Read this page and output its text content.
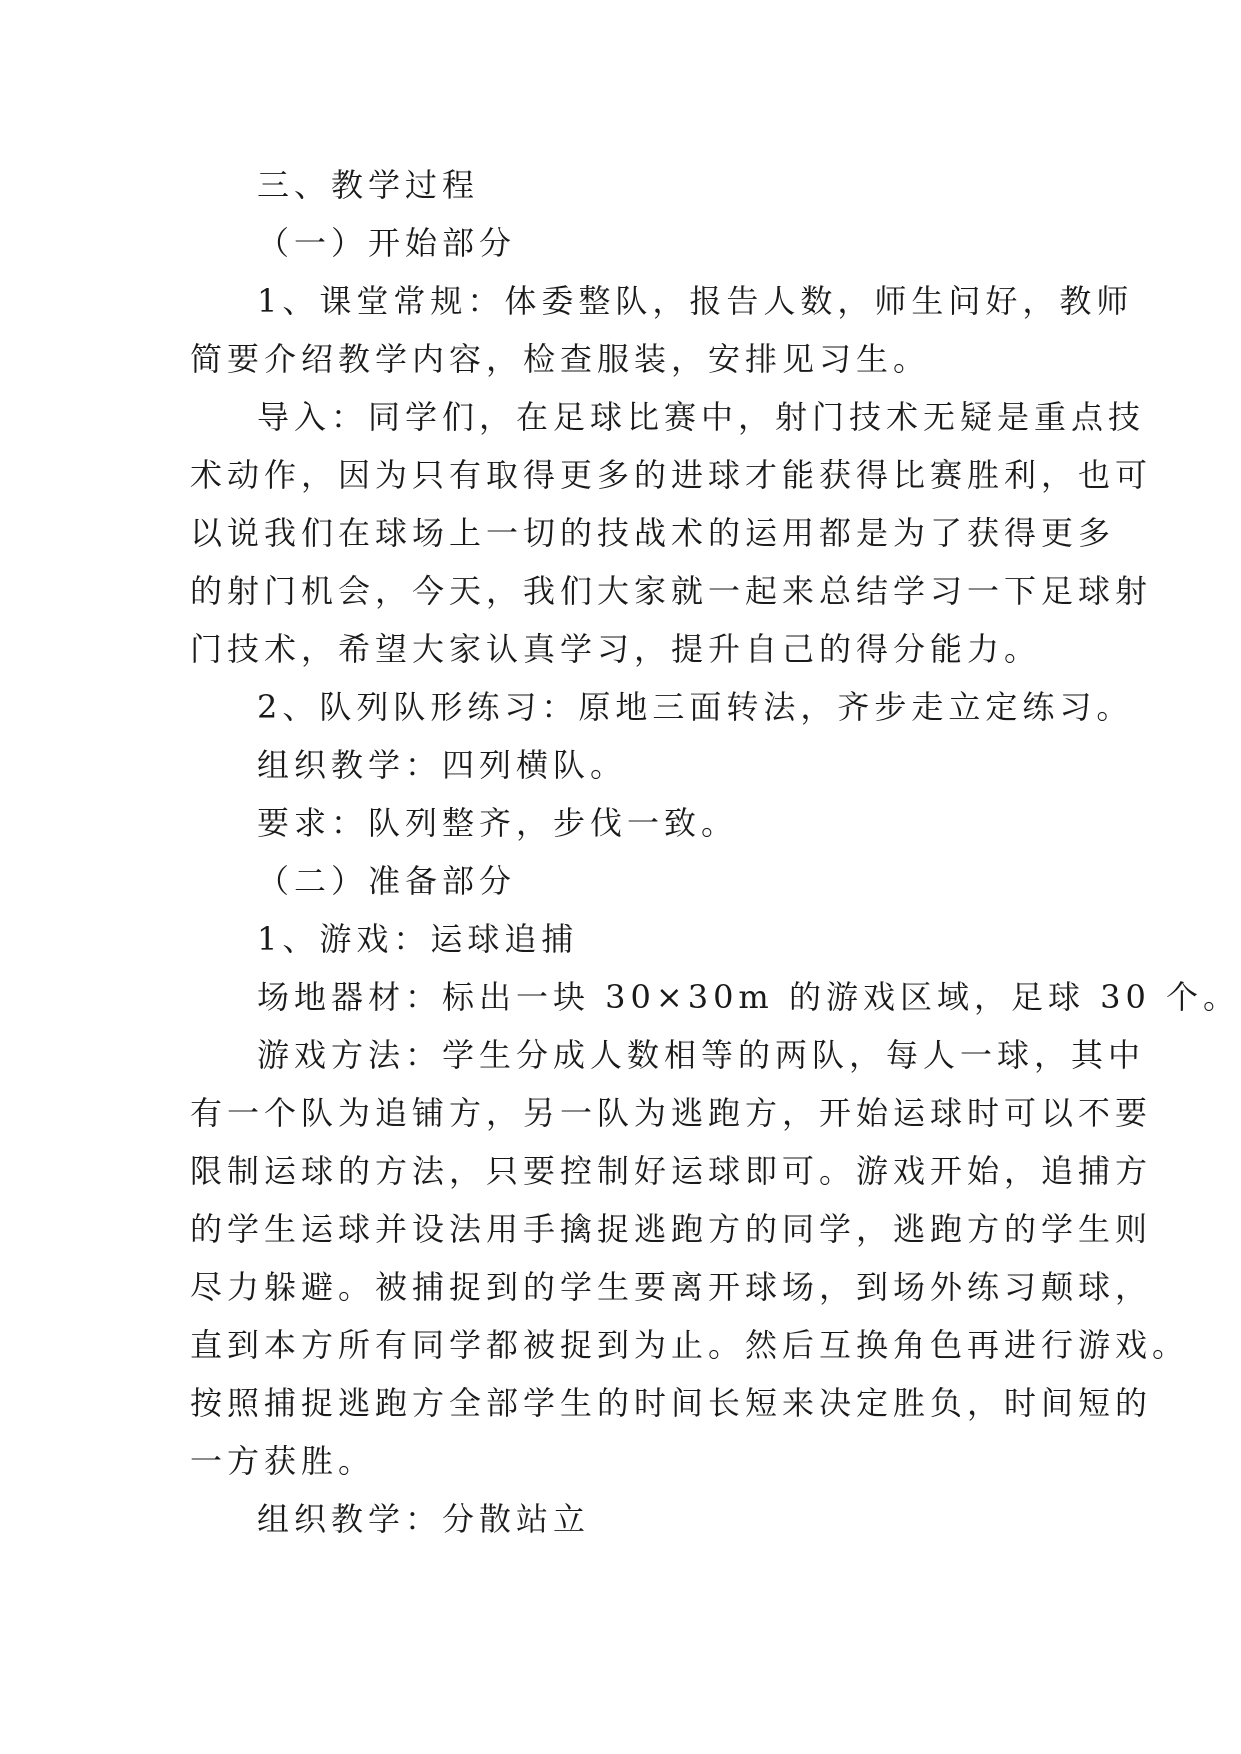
三、教学过程
（一）开始部分
1、课堂常规：体委整队，报告人数，师生问好，教师
简要介绍教学内容，检查服装，安排见习生。
导入：同学们，在足球比赛中，射门技术无疑是重点技
术动作，因为只有取得更多的进球才能获得比赛胜利，也可
以说我们在球场上一切的技战术的运用都是为了获得更多
的射门机会，今天，我们大家就一起来总结学习一下足球射
门技术，希望大家认真学习，提升自己的得分能力。
2、队列队形练习：原地三面转法，齐步走立定练习。
组织教学：四列横队。
要求：队列整齐，步伐一致。
（二）准备部分
1、游戏：运球追捕
场地器材：标出一块 30×30m 的游戏区域，足球 30 个。
游戏方法：学生分成人数相等的两队，每人一球，其中
有一个队为追铺方，另一队为逃跑方，开始运球时可以不要
限制运球的方法，只要控制好运球即可。游戏开始，追捕方
的学生运球并设法用手擒捉逃跑方的同学，逃跑方的学生则
尽力躲避。被捕捉到的学生要离开球场，到场外练习颠球，
直到本方所有同学都被捉到为止。然后互换角色再进行游戏。
按照捕捉逃跑方全部学生的时间长短来决定胜负，时间短的
一方获胜。
组织教学：分散站立
